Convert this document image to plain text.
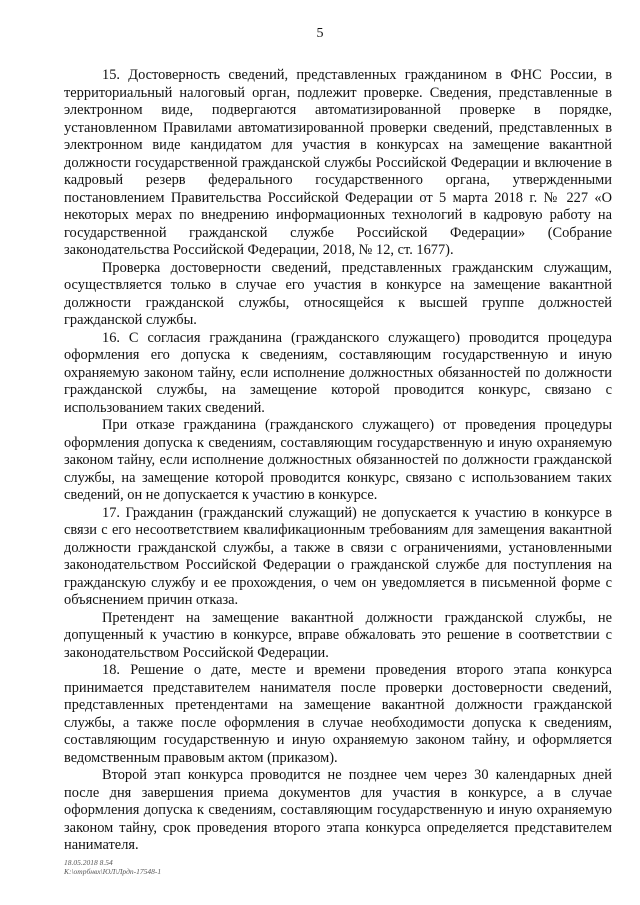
5

15. Достоверность сведений, представленных гражданином в ФНС России, в территориальный налоговый орган, подлежит проверке. Сведения, представленные в электронном виде, подвергаются автоматизированной проверке в порядке, установленном Правилами автоматизированной проверки сведений, представленных в электронном виде кандидатом для участия в конкурсах на замещение вакантной должности государственной гражданской службы Российской Федерации и включение в кадровый резерв федерального государственного органа, утвержденными постановлением Правительства Российской Федерации от 5 марта 2018 г. № 227 «О некоторых мерах по внедрению информационных технологий в кадровую работу на государственной гражданской службе Российской Федерации» (Собрание законодательства Российской Федерации, 2018, № 12, ст. 1677).

Проверка достоверности сведений, представленных гражданским служащим, осуществляется только в случае его участия в конкурсе на замещение вакантной должности гражданской службы, относящейся к высшей группе должностей гражданской службы.

16. С согласия гражданина (гражданского служащего) проводится процедура оформления его допуска к сведениям, составляющим государственную и иную охраняемую законом тайну, если исполнение должностных обязанностей по должности гражданской службы, на замещение которой проводится конкурс, связано с использованием таких сведений.

При отказе гражданина (гражданского служащего) от проведения процедуры оформления допуска к сведениям, составляющим государственную и иную охраняемую законом тайну, если исполнение должностных обязанностей по должности гражданской службы, на замещение которой проводится конкурс, связано с использованием таких сведений, он не допускается к участию в конкурсе.

17. Гражданин (гражданский служащий) не допускается к участию в конкурсе в связи с его несоответствием квалификационным требованиям для замещения вакантной должности гражданской службы, а также в связи с ограничениями, установленными законодательством Российской Федерации о гражданской службе для поступления на гражданскую службу и ее прохождения, о чем он уведомляется в письменной форме с объяснением причин отказа.

Претендент на замещение вакантной должности гражданской службы, не допущенный к участию в конкурсе, вправе обжаловать это решение в соответствии с законодательством Российской Федерации.

18. Решение о дате, месте и времени проведения второго этапа конкурса принимается представителем нанимателя после проверки достоверности сведений, представленных претендентами на замещение вакантной должности гражданской службы, а также после оформления в случае необходимости допуска к сведениям, составляющим государственную и иную охраняемую законом тайну, и оформляется ведомственным правовым актом (приказом).

Второй этап конкурса проводится не позднее чем через 30 календарных дней после дня завершения приема документов для участия в конкурсе, а в случае оформления допуска к сведениям, составляющим государственную и иную охраняемую законом тайну, срок проведения второго этапа конкурса определяется представителем нанимателя.

18.05.2018 8.54
К:\отрбнвх\ЮЛ\Лрдп-17548-1
